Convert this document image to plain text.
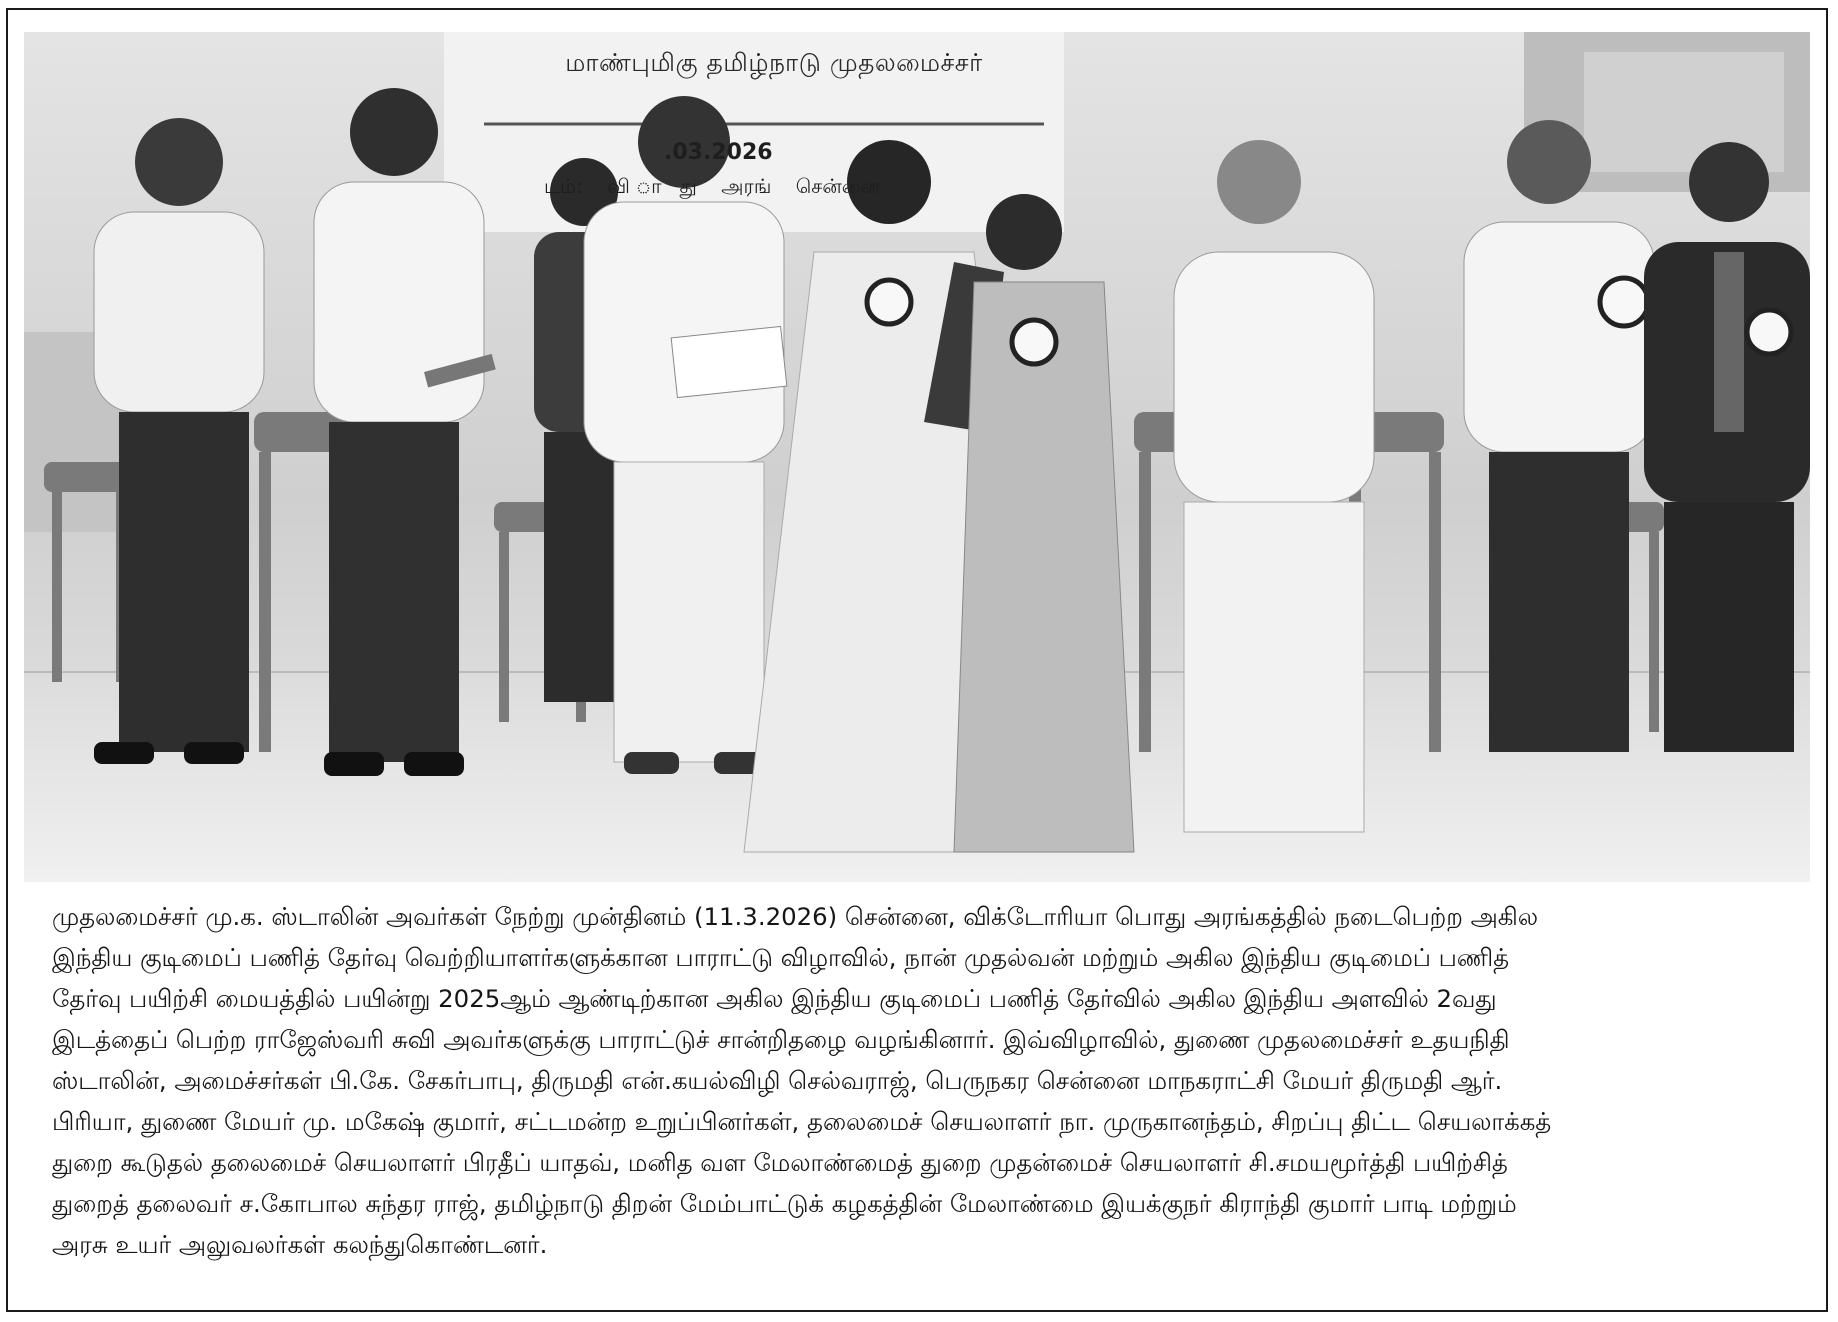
மாண்புமிகு தமிழ்நாடு முதலமைச்சர்
.03.2026
டம்: வி ாது அரங் சென்னை

முதலமைச்சர் மு.க. ஸ்டாலின் அவர்கள் நேற்று முன்தினம் (11.3.2026) சென்னை, விக்டோரியா பொது அரங்கத்தில் நடைபெற்ற அகில
இந்திய குடிமைப் பணித் தேர்வு வெற்றியாளர்களுக்கான பாராட்டு விழாவில், நான் முதல்வன் மற்றும் அகில இந்திய குடிமைப் பணித்
தேர்வு பயிற்சி மையத்தில் பயின்று 2025ஆம் ஆண்டிற்கான அகில இந்திய குடிமைப் பணித் தேர்வில் அகில இந்திய அளவில் 2வது
இடத்தைப் பெற்ற ராஜேஸ்வரி சுவி அவர்களுக்கு பாராட்டுச் சான்றிதழை வழங்கினார். இவ்விழாவில், துணை முதலமைச்சர் உதயநிதி
ஸ்டாலின், அமைச்சர்கள் பி.கே. சேகர்பாபு, திருமதி என்.கயல்விழி செல்வராஜ், பெருநகர சென்னை மாநகராட்சி மேயர் திருமதி ஆர்.
பிரியா, துணை மேயர் மு. மகேஷ் குமார், சட்டமன்ற உறுப்பினர்கள், தலைமைச் செயலாளர் நா. முருகானந்தம், சிறப்பு திட்ட செயலாக்கத்
துறை கூடுதல் தலைமைச் செயலாளர் பிரதீப் யாதவ், மனித வள மேலாண்மைத் துறை முதன்மைச் செயலாளர் சி.சமயமூர்த்தி பயிற்சித்
துறைத் தலைவர் ச.கோபால சுந்தர ராஜ், தமிழ்நாடு திறன் மேம்பாட்டுக் கழகத்தின் மேலாண்மை இயக்குநர் கிராந்தி குமார் பாடி மற்றும்
அரசு உயர் அலுவலர்கள் கலந்துகொண்டனர்.
